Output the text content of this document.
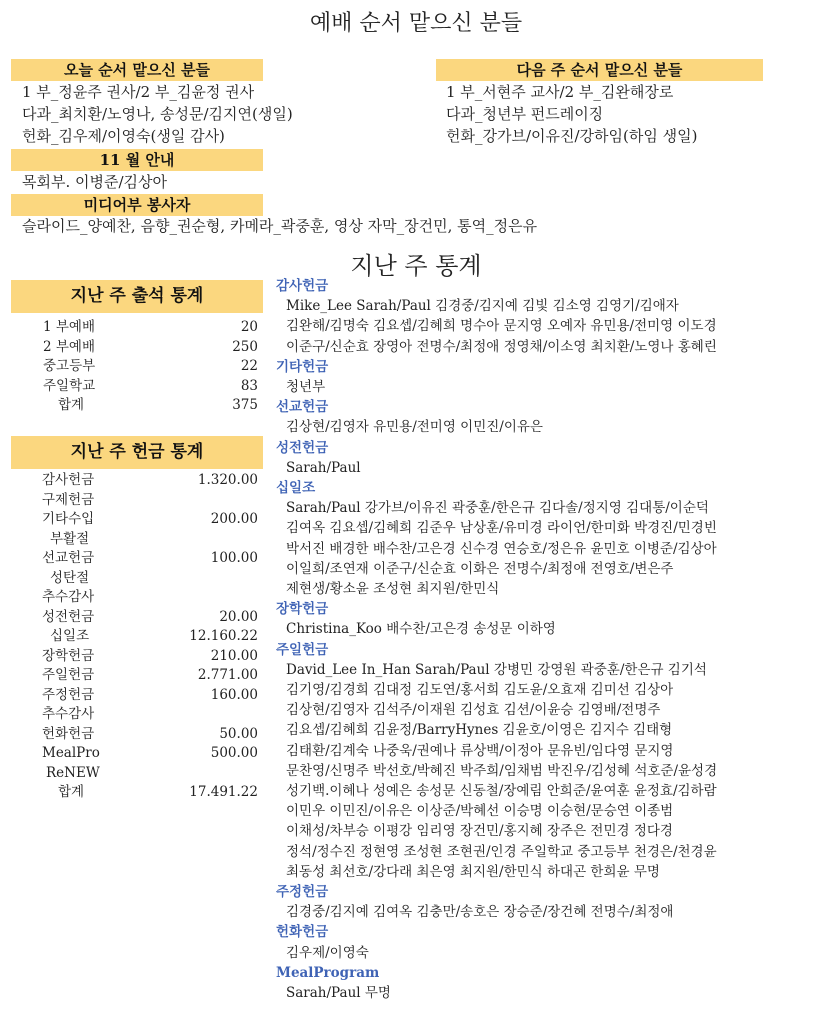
예배 순서 맡으신 분들
오늘 순서 맡으신 분들
1 부_정윤주 권사/2 부_김윤정 권사
다과_최치환/노영나, 송성문/김지연(생일)
헌화_김우제/이영숙(생일 감사)
다음 주 순서 맡으신 분들
1 부_서현주 교사/2 부_김완해장로
다과_청년부 펀드레이징
헌화_강가브/이유진/강하임(하임 생일)
11 월 안내
목회부. 이병준/김상아
미디어부 봉사자
슬라이드_양예찬, 음향_권순형, 카메라_곽중훈, 영상 자막_장건민, 통역_정은유
지난 주 통계
지난 주 출석 통계
1 부예배	20
2 부예배	250
중고등부	22
주일학교	83
합계	375
지난 주 헌금 통계
감사헌금	1.320.00
구제헌금
기타수입	200.00
부활절
선교헌금	100.00
성탄절
추수감사
성전헌금	20.00
십일조	12.160.22
장학헌금	210.00
주일헌금	2.771.00
주정헌금	160.00
추수감사
헌화헌금	50.00
MealPro	500.00
ReNEW
합계	17.491.22
감사헌금
Mike_Lee Sarah/Paul 김경중/김지예 김빛 김소영 김영기/김애자
김완해/김명숙 김요셉/김혜희 명수아 문지영 오예자 유민용/전미영 이도경
이준구/신순효 장영아 전명수/최정애 정영채/이소영 최치환/노영나 홍혜린
기타헌금
청년부
선교헌금
김상현/김영자 유민용/전미영 이민진/이유은
성전헌금
Sarah/Paul
십일조
Sarah/Paul 강가브/이유진 곽중훈/한은규 김다솔/정지영 김대통/이순덕
김여옥 김요셉/김혜희 김준우 남상훈/유미경 라이언/한미화 박경진/민경빈
박서진 배경한 배수찬/고은경 신수경 연승호/정은유 윤민호 이병준/김상아
이일희/조연재 이준구/신순효 이화은 전명수/최정애 전영호/변은주
제현생/황소윤 조성현 최지원/한민식
장학헌금
Christina_Koo 배수찬/고은경 송성문 이하영
주일헌금
David_Lee In_Han Sarah/Paul 강병민 강영원 곽중훈/한은규 김기석
김기영/김경희 김대정 김도연/홍서희 김도윤/오효재 김미선 김상아
김상현/김영자 김석주/이재원 김성효 김션/이윤승 김영배/전명주
김요셉/김혜희 김윤정/BarryHynes 김윤호/이영은 김지수 김태형
김태환/김계숙 나중욱/권예나 류상백/이정아 문유빈/임다영 문지영
문찬영/신명주 박선호/박혜진 박주희/임채범 박진우/김성혜 석호준/윤성경
성기백.이혜나 성예은 송성문 신동철/장예림 안희준/윤여훈 윤정효/김하람
이민우 이민진/이유은 이상준/박혜선 이승명 이승현/문승연 이종범
이채성/차부승 이평강 임리영 장건민/홍지혜 장주은 전민경 정다경
정석/정수진 정현영 조성현 조현권/인경 주일학교 중고등부 천경은/천경윤
최동성 최선호/강다래 최은영 최지원/한민식 하대곤 한희윤 무명
주정헌금
김경중/김지예 김여옥 김충만/송호은 장승준/장건혜 전명수/최정애
헌화헌금
김우제/이영숙
MealProgram
Sarah/Paul 무명
